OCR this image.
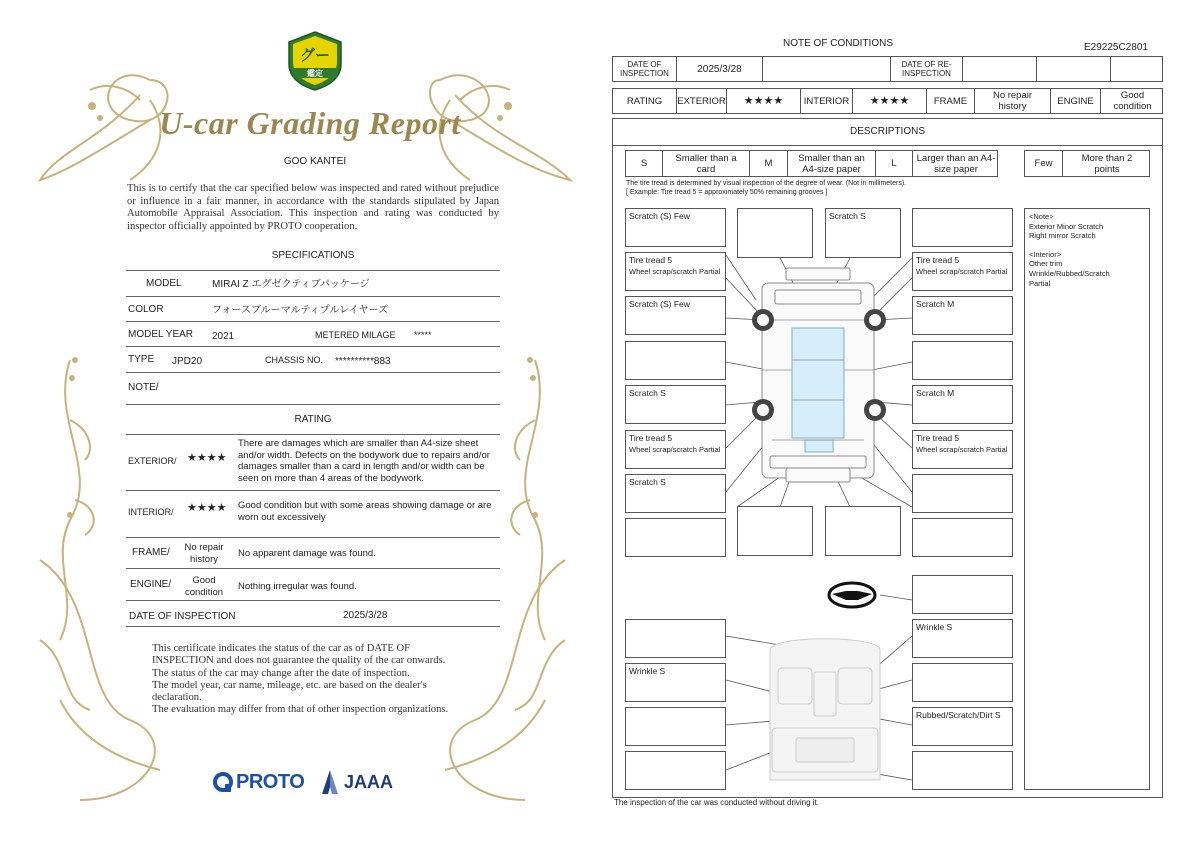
グー
鑑定
U-car Grading Report
GOO KANTEI
This is to certify that the car specified below was inspected and rated without prejudice or influence in a fair manner, in accordance with the standards stipulated by Japan Automobile Appraisal Association. This inspection and rating was conducted by inspector officially appointed by PROTO cooperation.
SPECIFICATIONS
MODEL	MIRAI Z エグゼクティブパッケージ
COLOR	フォースブルーマルティプルレイヤーズ
MODEL YEAR 2021	METERED MILAGE *****
TYPE JPD20	CHASSIS NO. **********883
NOTE/
RATING
EXTERIOR/ ★★★★
There are damages which are smaller than A4-size sheet and/or width. Defects on the bodywork due to repairs and/or damages smaller than a card in length and/or width can be seen on more than 4 areas of the bodywork.
INTERIOR/ ★★★★ Good condition but with some areas showing damage or are worn out excessively
FRAME/	No repair history	No apparent damage was found.
ENGINE/	Good condition	Nothing irregular was found.
DATE OF INSPECTION	2025/3/28
This certificate indicates the status of the car as of DATE OF
INSPECTION and does not guarantee the quality of the car onwards.
The status of the car may change after the date of inspection.
The model year, car name, mileage, etc. are based on the dealer's
declaration.
The evaluation may differ from that of other inspection organizations.
PROTO JAAA
NOTE OF CONDITIONS	E29225C2801
DATE OF INSPECTION	2025/3/28	DATE OF RE-INSPECTION
RATING EXTERIOR ★★★★ INTERIOR ★★★★	FRAME	No repair history	ENGINE	Good condition
DESCRIPTIONS
S	Smaller than a card	M	Smaller than an A4-size paper	L Larger than an A4-size paper	Few	More than 2 points
The tire tread is determined by visual inspection of the degree of wear. (Not in millimeters).
[ Example: Tire tread 5 = approximately 50% remaining grooves ]
Scratch (S) Few	Scratch S
Tire tread 5
Wheel scrap/scratch Partial
Tire tread 5
Wheel scrap/scratch Partial
Scratch (S) Few	Scratch M
Scratch S	Scratch M
Tire tread 5
Wheel scrap/scratch Partial
Tire tread 5
Wheel scrap/scratch Partial
Scratch S
Wrinkle S
Wrinkle S
Rubbed/Scratch/Dirt S
<Note>
Exterior Minor Scratch
Right mirror Scratch
<Interior>
Other trim
Wrinkle/Rubbed/Scratch
Partial
The inspection of the car was conducted without driving it.
